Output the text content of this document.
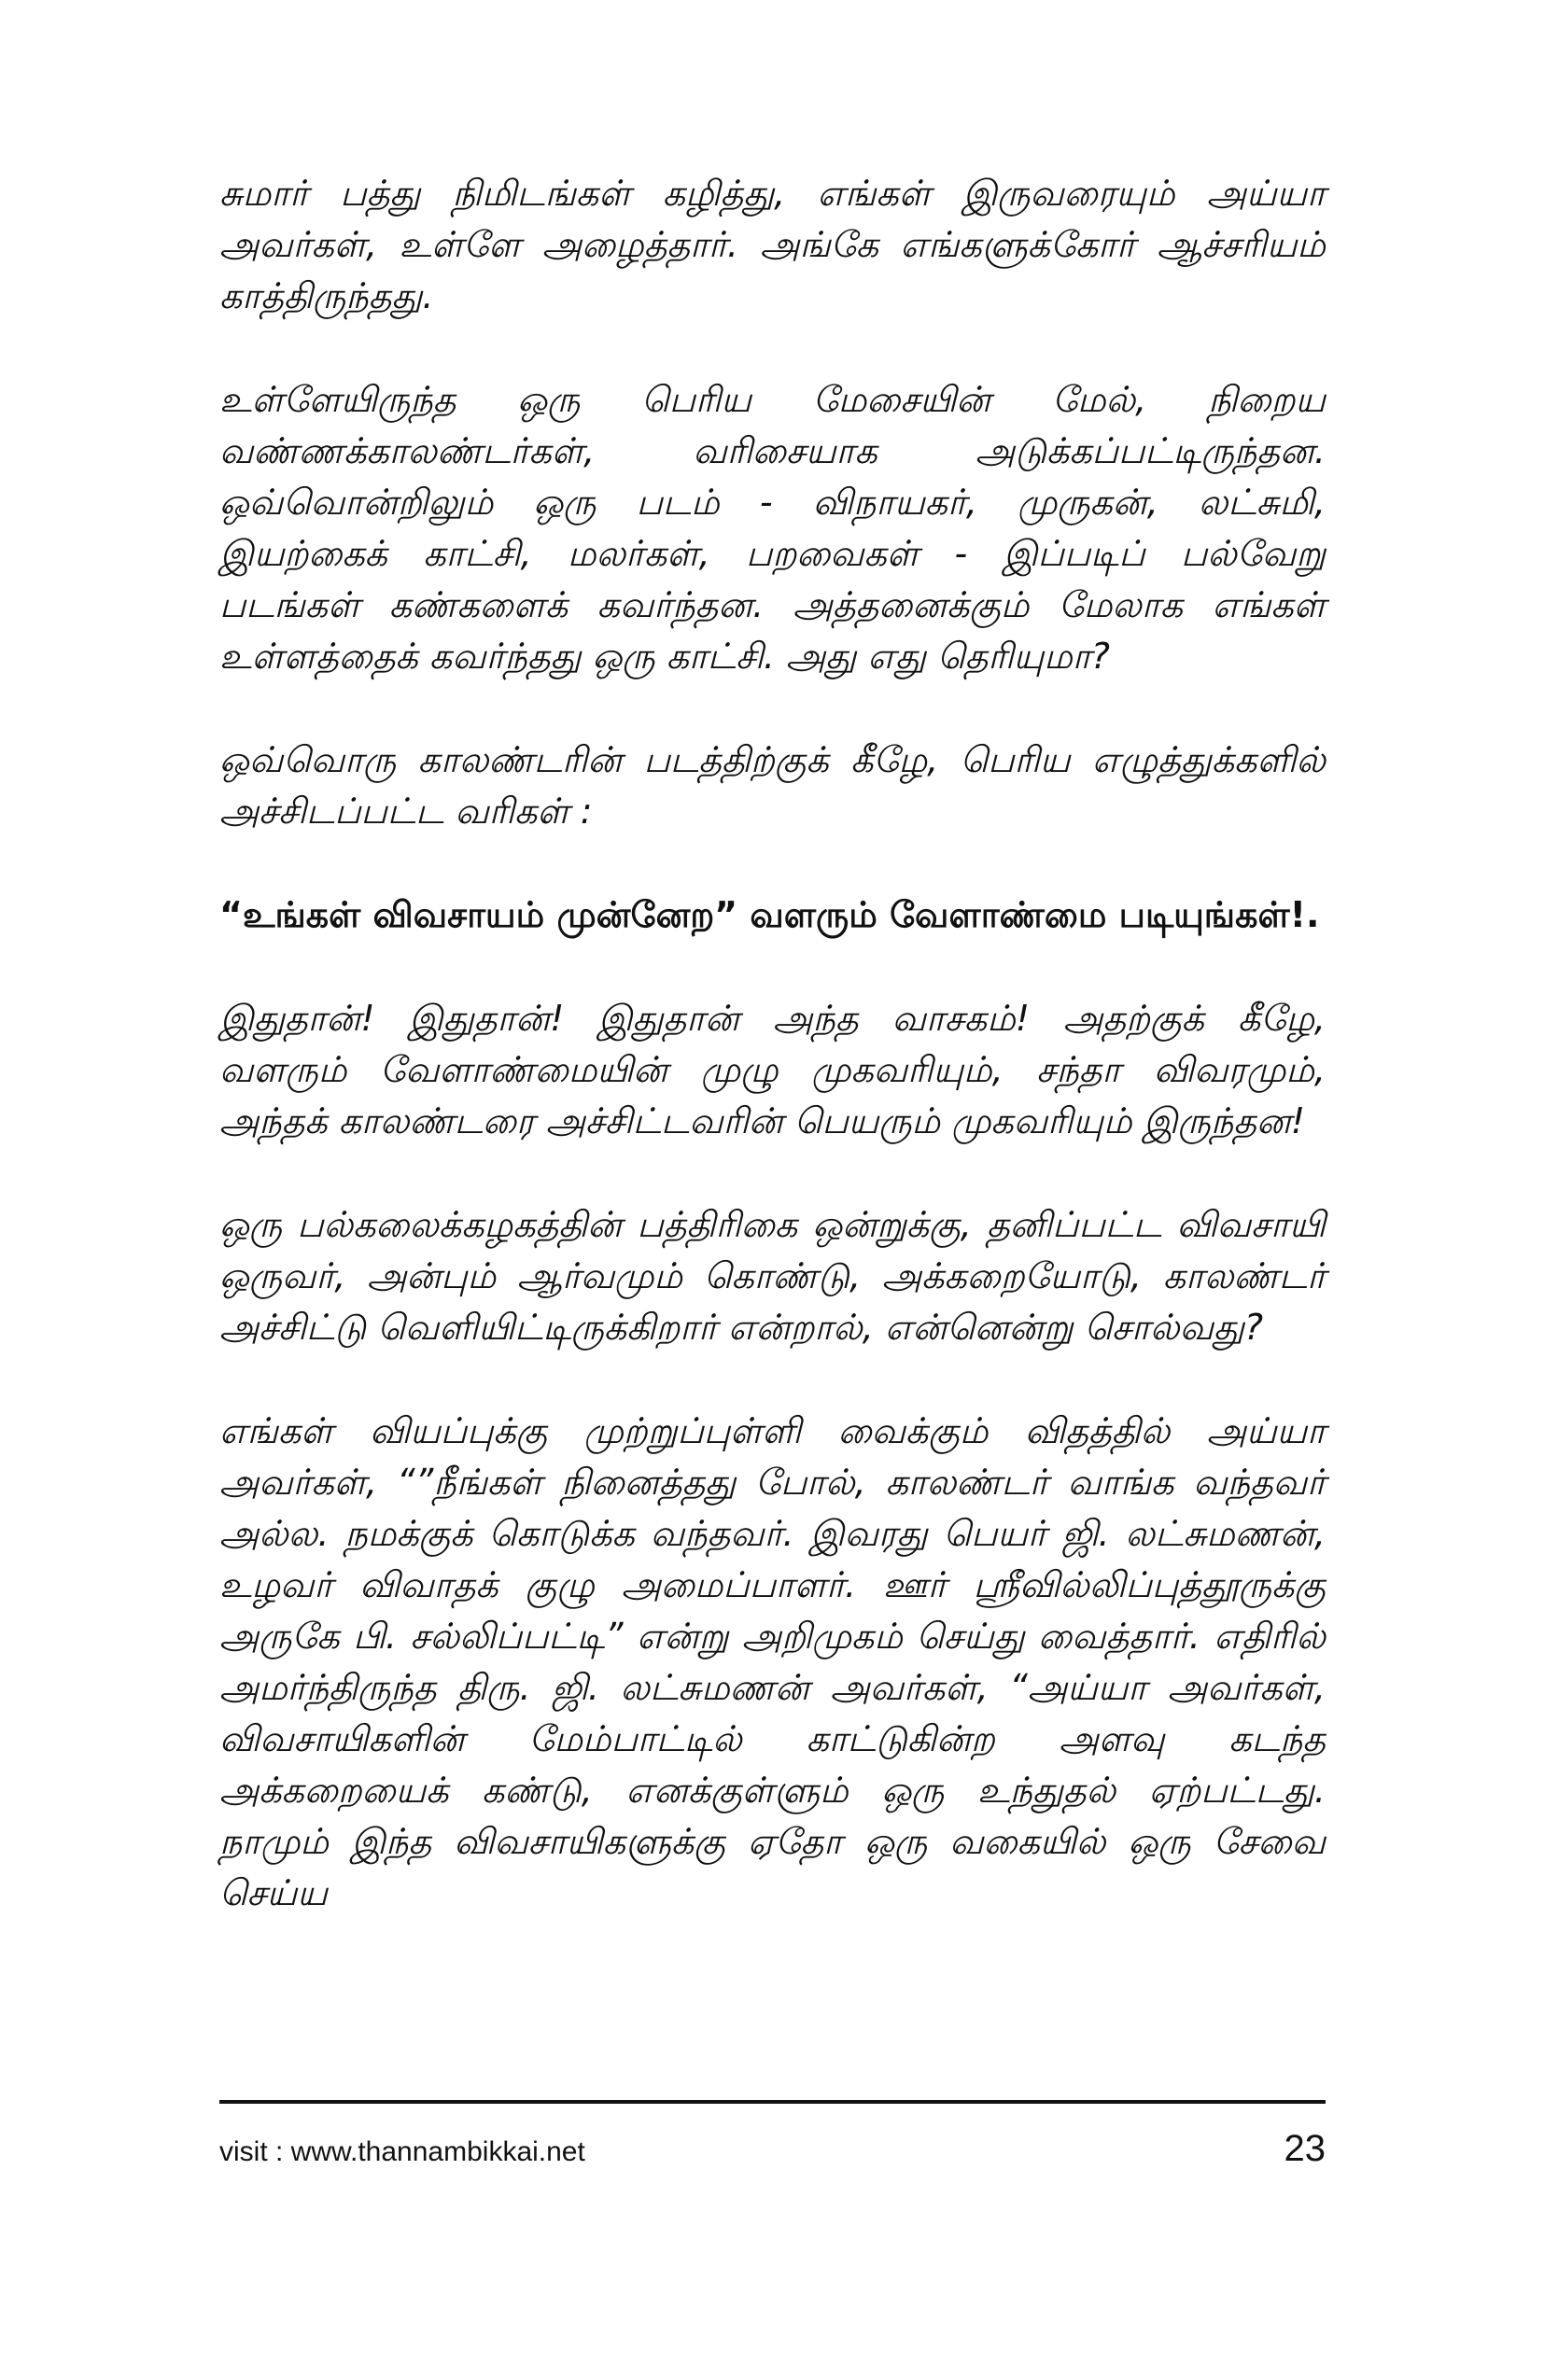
சுமார் பத்து நிமிடங்கள் கழித்து, எங்கள் இருவரையும் அய்யா அவர்கள், உள்ளே அழைத்தார். அங்கே எங்களுக்கோர் ஆச்சரியம் காத்திருந்தது.

உள்ளேயிருந்த ஒரு பெரிய மேசையின் மேல், நிறைய வண்ணக்காலண்டர்கள், வரிசையாக அடுக்கப்பட்டிருந்தன. ஒவ்வொன்றிலும் ஒரு படம் - விநாயகர், முருகன், லட்சுமி, இயற்கைக் காட்சி, மலர்கள், பறவைகள் - இப்படிப் பல்வேறு படங்கள் கண்களைக் கவர்ந்தன. அத்தனைக்கும் மேலாக எங்கள் உள்ளத்தைக் கவர்ந்தது ஒரு காட்சி. அது எது தெரியுமா?

ஒவ்வொரு காலண்டரின் படத்திற்குக் கீழே, பெரிய எழுத்துக்களில் அச்சிடப்பட்ட வரிகள் :

“உங்கள் விவசாயம் முன்னேற” வளரும் வேளாண்மை படியுங்கள்!.

இதுதான்! இதுதான்! இதுதான் அந்த வாசகம்! அதற்குக் கீழே, வளரும் வேளாண்மையின் முழு முகவரியும், சந்தா விவரமும், அந்தக் காலண்டரை அச்சிட்டவரின் பெயரும் முகவரியும் இருந்தன!

ஒரு பல்கலைக்கழகத்தின் பத்திரிகை ஒன்றுக்கு, தனிப்பட்ட விவசாயி ஒருவர், அன்பும் ஆர்வமும் கொண்டு, அக்கறையோடு, காலண்டர் அச்சிட்டு வெளியிட்டிருக்கிறார் என்றால், என்னென்று சொல்வது?

எங்கள் வியப்புக்கு முற்றுப்புள்ளி வைக்கும் விதத்தில் அய்யா அவர்கள், “”நீங்கள் நினைத்தது போல், காலண்டர் வாங்க வந்தவர் அல்ல. நமக்குக் கொடுக்க வந்தவர். இவரது பெயர் ஜி. லட்சுமணன், உழவர் விவாதக் குழு அமைப்பாளர். ஊர் ஸ்ரீவில்லிப்புத்தூருக்கு அருகே பி. சல்லிப்பட்டி” என்று அறிமுகம் செய்து வைத்தார். எதிரில் அமர்ந்திருந்த திரு. ஜி. லட்சுமணன் அவர்கள், “அய்யா அவர்கள், விவசாயிகளின் மேம்பாட்டில் காட்டுகின்ற அளவு கடந்த அக்கறையைக் கண்டு, எனக்குள்ளும் ஒரு உந்துதல் ஏற்பட்டது. நாமும் இந்த விவசாயிகளுக்கு ஏதோ ஒரு வகையில் ஒரு சேவை செய்ய

visit : www.thannambikkai.net	23
